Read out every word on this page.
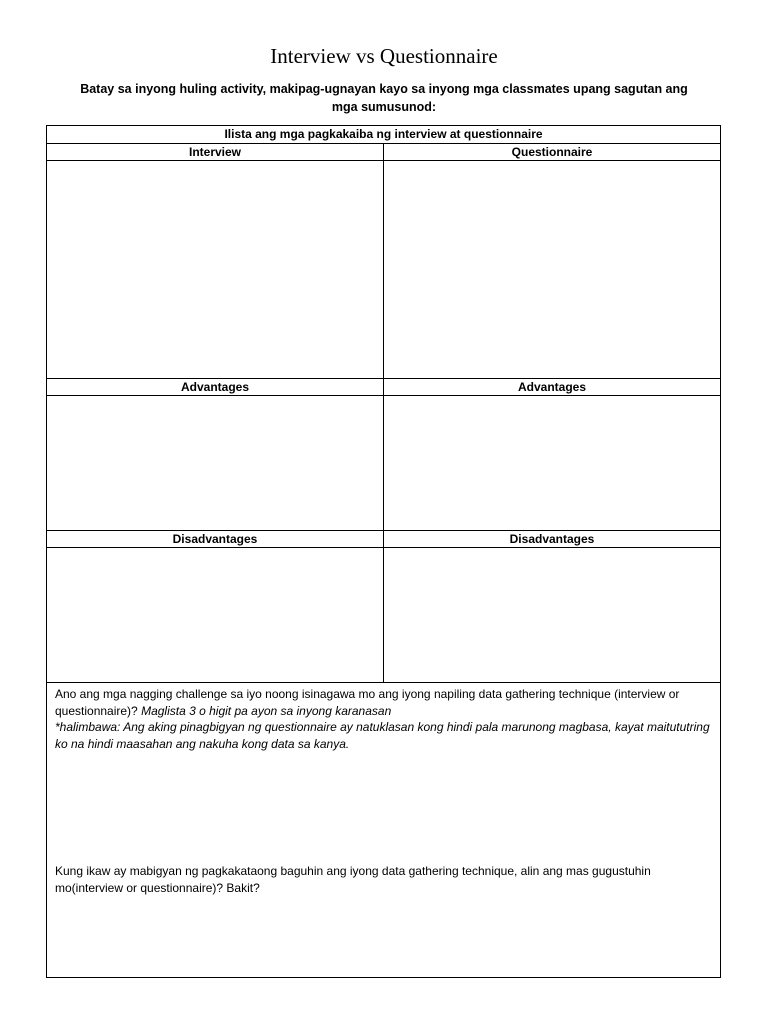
Interview vs Questionnaire
Batay sa inyong huling activity, makipag-ugnayan kayo sa inyong mga classmates upang sagutan ang mga sumusunod:
Ilista ang mga pagkakaiba ng interview at questionnaire
Interview	Questionnaire
Advantages	Advantages
Disadvantages	Disadvantages

Ano ang mga nagging challenge sa iyo noong isinagawa mo ang iyong napiling data gathering technique (interview or questionnaire)? Maglista 3 o higit pa ayon sa inyong karanasan

*halimbawa: Ang aking pinagbigyan ng questionnaire ay natuklasan kong hindi pala marunong magbasa, kayat maitututring ko na hindi maasahan ang nakuha kong data sa kanya.

Kung ikaw ay mabigyan ng pagkakataong baguhin ang iyong data gathering technique, alin ang mas gugustuhin mo(interview or questionnaire)? Bakit?
